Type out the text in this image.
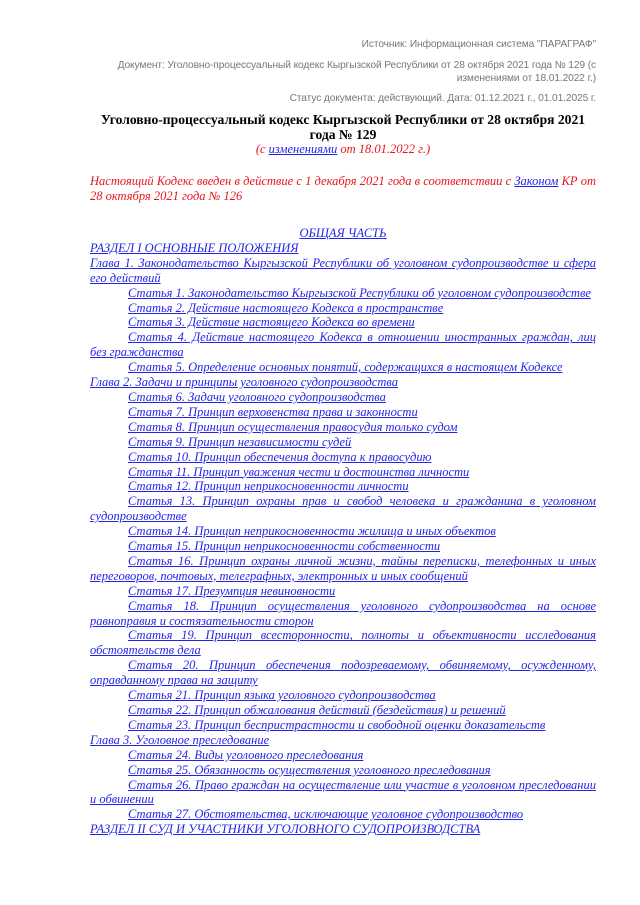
Источник: Информационная система "ПАРАГРАФ"
Документ: Уголовно-процессуальный кодекс Кыргызской Республики от 28 октября 2021 года № 129 (с изменениями от 18.01.2022 г.)
Статус документа: действующий. Дата: 01.12.2021 г., 01.01.2025 г.
Уголовно-процессуальный кодекс Кыргызской Республики от 28 октября 2021 года № 129
(с изменениями от 18.01.2022 г.)
Настоящий Кодекс введен в действие с 1 декабря 2021 года в соответствии с Законом КР от 28 октября 2021 года № 126
ОБЩАЯ ЧАСТЬ
РАЗДЕЛ I ОСНОВНЫЕ ПОЛОЖЕНИЯ
Глава 1. Законодательство Кыргызской Республики об уголовном судопроизводстве и сфера его действий
Статья 1. Законодательство Кыргызской Республики об уголовном судопроизводстве
Статья 2. Действие настоящего Кодекса в пространстве
Статья 3. Действие настоящего Кодекса во времени
Статья 4. Действие настоящего Кодекса в отношении иностранных граждан, лиц без гражданства
Статья 5. Определение основных понятий, содержащихся в настоящем Кодексе
Глава 2. Задачи и принципы уголовного судопроизводства
Статья 6. Задачи уголовного судопроизводства
Статья 7. Принцип верховенства права и законности
Статья 8. Принцип осуществления правосудия только судом
Статья 9. Принцип независимости судей
Статья 10. Принцип обеспечения доступа к правосудию
Статья 11. Принцип уважения чести и достоинства личности
Статья 12. Принцип неприкосновенности личности
Статья 13. Принцип охраны прав и свобод человека и гражданина в уголовном судопроизводстве
Статья 14. Принцип неприкосновенности жилища и иных объектов
Статья 15. Принцип неприкосновенности собственности
Статья 16. Принцип охраны личной жизни, тайны переписки, телефонных и иных переговоров, почтовых, телеграфных, электронных и иных сообщений
Статья 17. Презумпция невиновности
Статья 18. Принцип осуществления уголовного судопроизводства на основе равноправия и состязательности сторон
Статья 19. Принцип всесторонности, полноты и объективности исследования обстоятельств дела
Статья 20. Принцип обеспечения подозреваемому, обвиняемому, осужденному, оправданному права на защиту
Статья 21. Принцип языка уголовного судопроизводства
Статья 22. Принцип обжалования действий (бездействия) и решений
Статья 23. Принцип беспристрастности и свободной оценки доказательств
Глава 3. Уголовное преследование
Статья 24. Виды уголовного преследования
Статья 25. Обязанность осуществления уголовного преследования
Статья 26. Право граждан на осуществление или участие в уголовном преследовании и обвинении
Статья 27. Обстоятельства, исключающие уголовное судопроизводство
РАЗДЕЛ II СУД И УЧАСТНИКИ УГОЛОВНОГО СУДОПРОИЗВОДСТВА
